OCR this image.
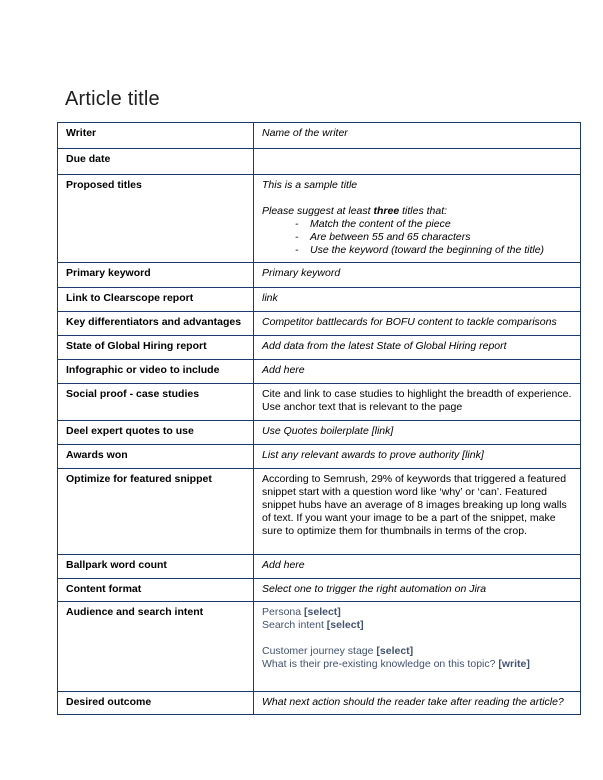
Article title
Writer	Name of the writer
Due date	
Proposed titles	This is a sample title
Please suggest at least three titles that:
- Match the content of the piece
- Are between 55 and 65 characters
- Use the keyword (toward the beginning of the title)

Primary keyword	Primary keyword
Link to Clearscope report	link
Key differentiators and advantages	Competitor battlecards for BOFU content to tackle comparisons
State of Global Hiring report	Add data from the latest State of Global Hiring report
Infographic or video to include	Add here
Social proof - case studies	Cite and link to case studies to highlight the breadth of experience. Use anchor text that is relevant to the page
Deel expert quotes to use	Use Quotes boilerplate [link]
Awards won	List any relevant awards to prove authority [link]
Optimize for featured snippet	According to Semrush, 29% of keywords that triggered a featured snippet start with a question word like ‘why’ or ‘can’. Featured snippet hubs have an average of 8 images breaking up long walls of text. If you want your image to be a part of the snippet, make sure to optimize them for thumbnails in terms of the crop.
Ballpark word count	Add here
Content format	Select one to trigger the right automation on Jira
Audience and search intent	Persona [select]
Search intent [select]
Customer journey stage [select]
What is their pre-existing knowledge on this topic? [write]

Desired outcome	What next action should the reader take after reading the article?
